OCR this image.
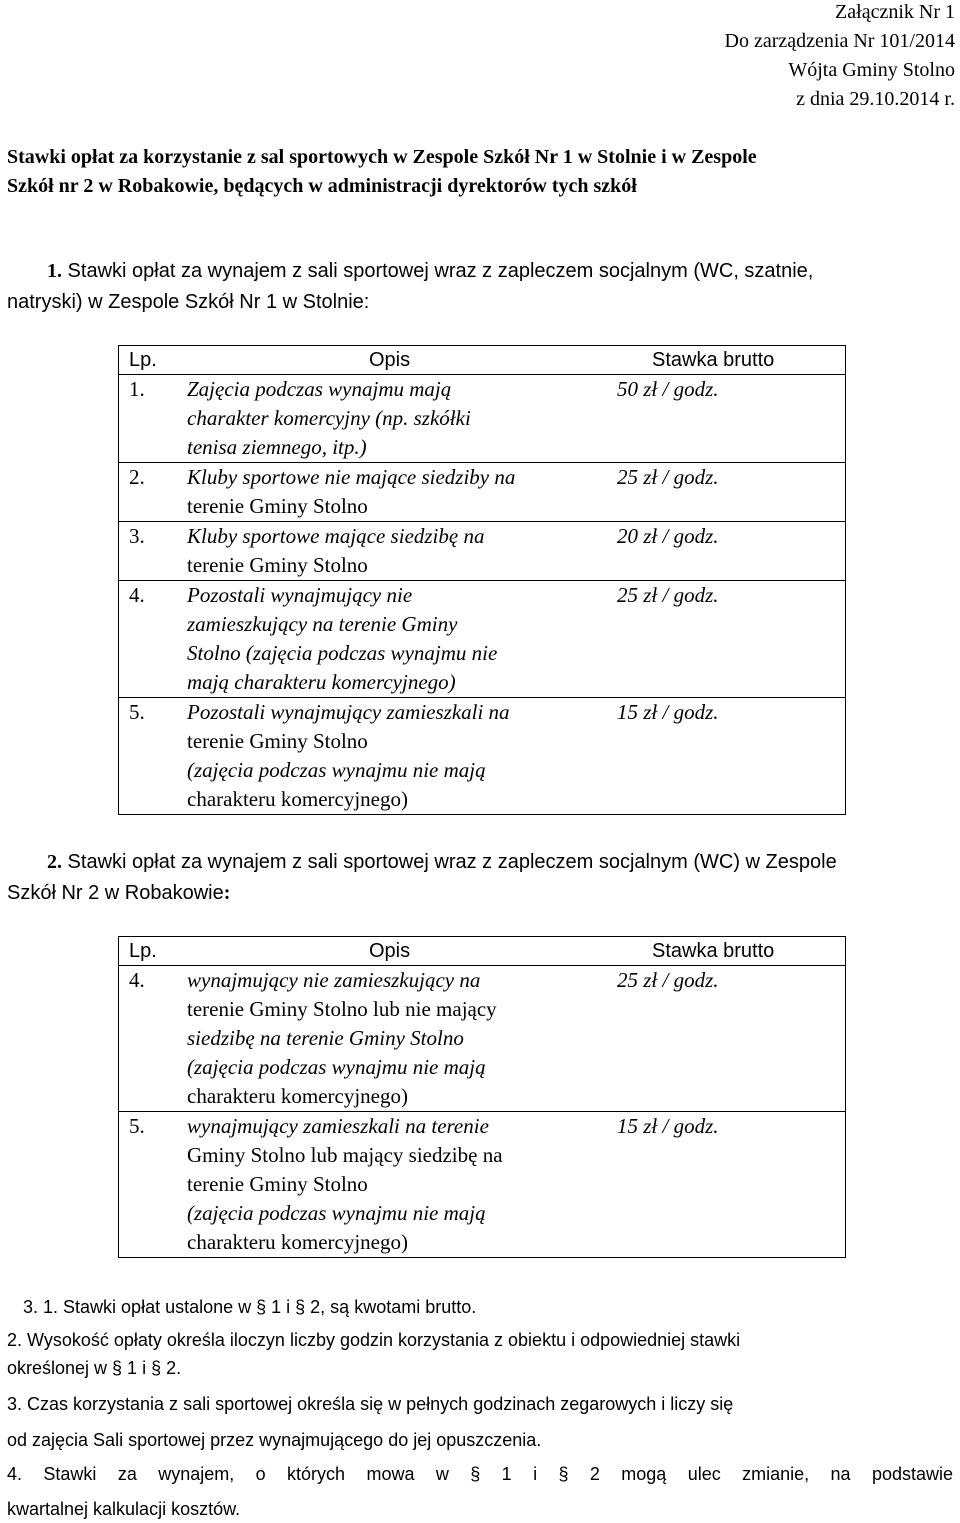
Załącznik Nr 1
Do zarządzenia Nr 101/2014
Wójta Gminy Stolno
z dnia 29.10.2014 r.
Stawki opłat za korzystanie z sal sportowych w Zespole Szkół Nr 1 w Stolnie i w Zespole
Szkół nr 2 w Robakowie, będących w administracji dyrektorów tych szkół
1. Stawki opłat za wynajem z sali sportowej wraz z zapleczem socjalnym (WC, szatnie,
natryski) w Zespole Szkół Nr 1 w Stolnie:
Lp.	Opis	Stawka brutto
1. Zajęcia podczas wynajmu mają
charakter komercyjny (np. szkółki
tenisa ziemnego, itp.)
50 zł / godz.
2. Kluby sportowe nie mające siedziby na
terenie Gminy Stolno
25 zł / godz.
3. Kluby sportowe mające siedzibę na
terenie Gminy Stolno
20 zł / godz.
4. Pozostali wynajmujący nie
zamieszkujący na terenie Gminy
Stolno (zajęcia podczas wynajmu nie
mają charakteru komercyjnego)
25 zł / godz.
5. Pozostali wynajmujący zamieszkali na
terenie Gminy Stolno
(zajęcia podczas wynajmu nie mają
charakteru komercyjnego)
15 zł / godz.
2. Stawki opłat za wynajem z sali sportowej wraz z zapleczem socjalnym (WC) w Zespole
Szkół Nr 2 w Robakowie:
Lp.	Opis	Stawka brutto
4. wynajmujący nie zamieszkujący na
terenie Gminy Stolno lub nie mający
siedzibę na terenie Gminy Stolno
(zajęcia podczas wynajmu nie mają
charakteru komercyjnego)
25 zł / godz.
5. wynajmujący zamieszkali na terenie
Gminy Stolno lub mający siedzibę na
terenie Gminy Stolno
(zajęcia podczas wynajmu nie mają
charakteru komercyjnego)
15 zł / godz.
3. 1. Stawki opłat ustalone w § 1 i § 2, są kwotami brutto.
2. Wysokość opłaty określa iloczyn liczby godzin korzystania z obiektu i odpowiedniej stawki
określonej w § 1 i § 2.
3. Czas korzystania z sali sportowej określa się w pełnych godzinach zegarowych i liczy się
od zajęcia Sali sportowej przez wynajmującego do jej opuszczenia.
4. Stawki za wynajem, o których mowa w § 1 i § 2 mogą ulec zmianie, na podstawie
kwartalnej kalkulacji kosztów.
